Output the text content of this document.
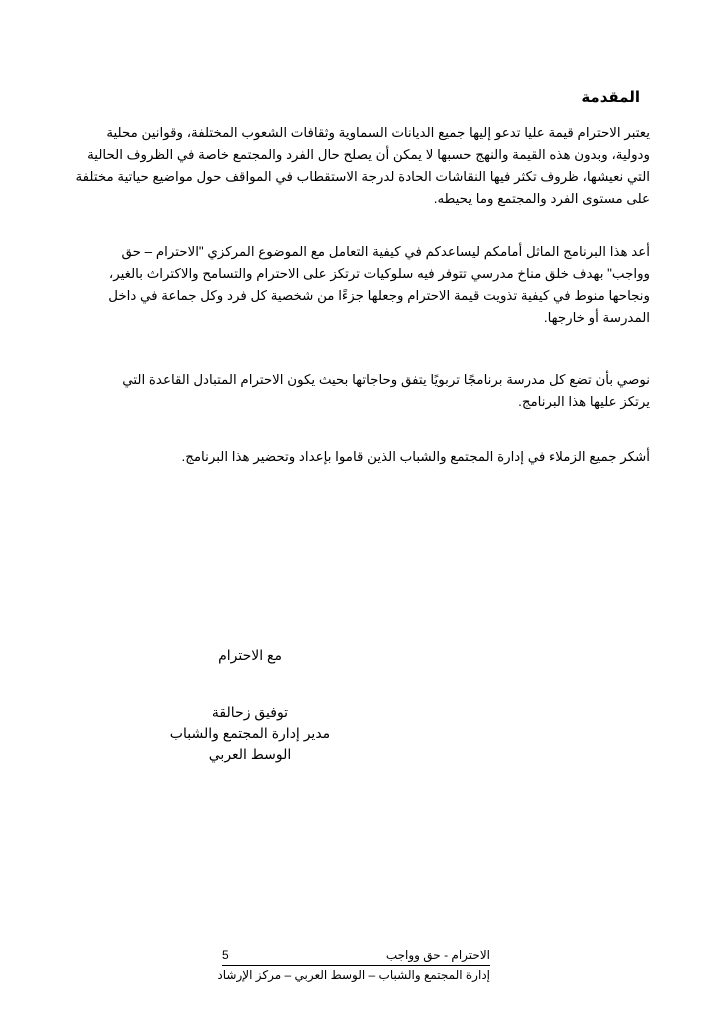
المقدمة
يعتبر الاحترام قيمة عليا تدعو إليها جميع الديانات السماوية وثقافات الشعوب المختلفة، وقوانين محلية
ودولية، وبدون هذه القيمة والنهج حسبها لا يمكن أن يصلح حال الفرد والمجتمع خاصة في الظروف الحالية
التي نعيشها، ظروف تكثر فيها النقاشات الحادة لدرجة الاستقطاب في المواقف حول مواضيع حياتية مختلفة
على مستوى الفرد والمجتمع وما يحيطه.
أعد هذا البرنامج الماثل أمامكم ليساعدكم في كيفية التعامل مع الموضوع المركزي "الاحترام – حق
وواجب" بهدف خلق مناخ مدرسي تتوفر فيه سلوكيات ترتكز على الاحترام والتسامح والاكتراث بالغير،
ونجاحها منوط في كيفية تذويت قيمة الاحترام وجعلها جزءًا من شخصية كل فرد وكل جماعة في داخل
المدرسة أو خارجها.
نوصي بأن تضع كل مدرسة برنامجًا تربويًا يتفق وحاجاتها بحيث يكون الاحترام المتبادل القاعدة التي
يرتكز عليها هذا البرنامج.
أشكر جميع الزملاء في إدارة المجتمع والشباب الذين قاموا بإعداد وتحضير هذا البرنامج.
مع الاحترام
توفيق زحالقة
مدير إدارة المجتمع والشباب
الوسط العربي
5	الاحترام - حق وواجب
إدارة المجتمع والشباب – الوسط العربي – مركز الإرشاد
